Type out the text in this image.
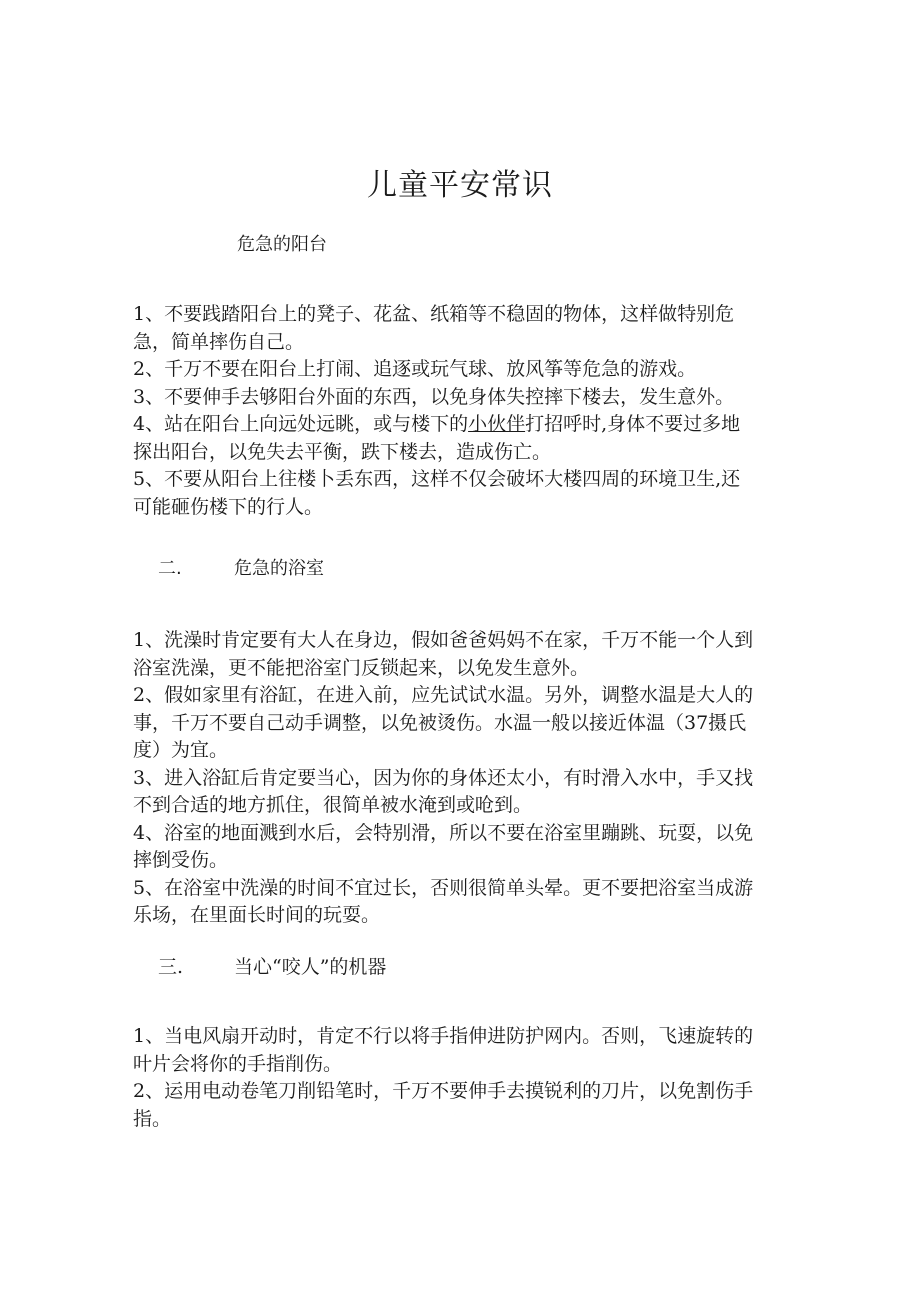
儿童平安常识
危急的阳台
1、不要践踏阳台上的凳子、花盆、纸箱等不稳固的物体，这样做特别危
急，简单摔伤自己。
2、千万不要在阳台上打闹、追逐或玩气球、放风筝等危急的游戏。
3、不要伸手去够阳台外面的东西，以免身体失控摔下楼去，发生意外。
4、站在阳台上向远处远眺，或与楼下的小伙伴打招呼时,身体不要过多地
探出阳台，以免失去平衡，跌下楼去，造成伤亡。
5、不要从阳台上往楼卜丢东西，这样不仅会破坏大楼四周的环境卫生,还
可能砸伤楼下的行人。
二.	危急的浴室
1、洗澡时肯定要有大人在身边，假如爸爸妈妈不在家，千万不能一个人到
浴室洗澡，更不能把浴室门反锁起来，以免发生意外。
2、假如家里有浴缸，在进入前，应先试试水温。另外，调整水温是大人的
事，千万不要自己动手调整，以免被烫伤。水温一般以接近体温（37摄氏
度）为宜。
3、进入浴缸后肯定要当心，因为你的身体还太小，有时滑入水中，手又找
不到合适的地方抓住，很简单被水淹到或呛到。
4、浴室的地面溅到水后，会特别滑，所以不要在浴室里蹦跳、玩耍，以免
摔倒受伤。
5、在浴室中洗澡的时间不宜过长，否则很简单头晕。更不要把浴室当成游
乐场，在里面长时间的玩耍。
三.	当心“咬人”的机器
1、当电风扇开动时，肯定不行以将手指伸进防护网内。否则，飞速旋转的
叶片会将你的手指削伤。
2、运用电动卷笔刀削铅笔时，千万不要伸手去摸锐利的刀片，以免割伤手
指。
